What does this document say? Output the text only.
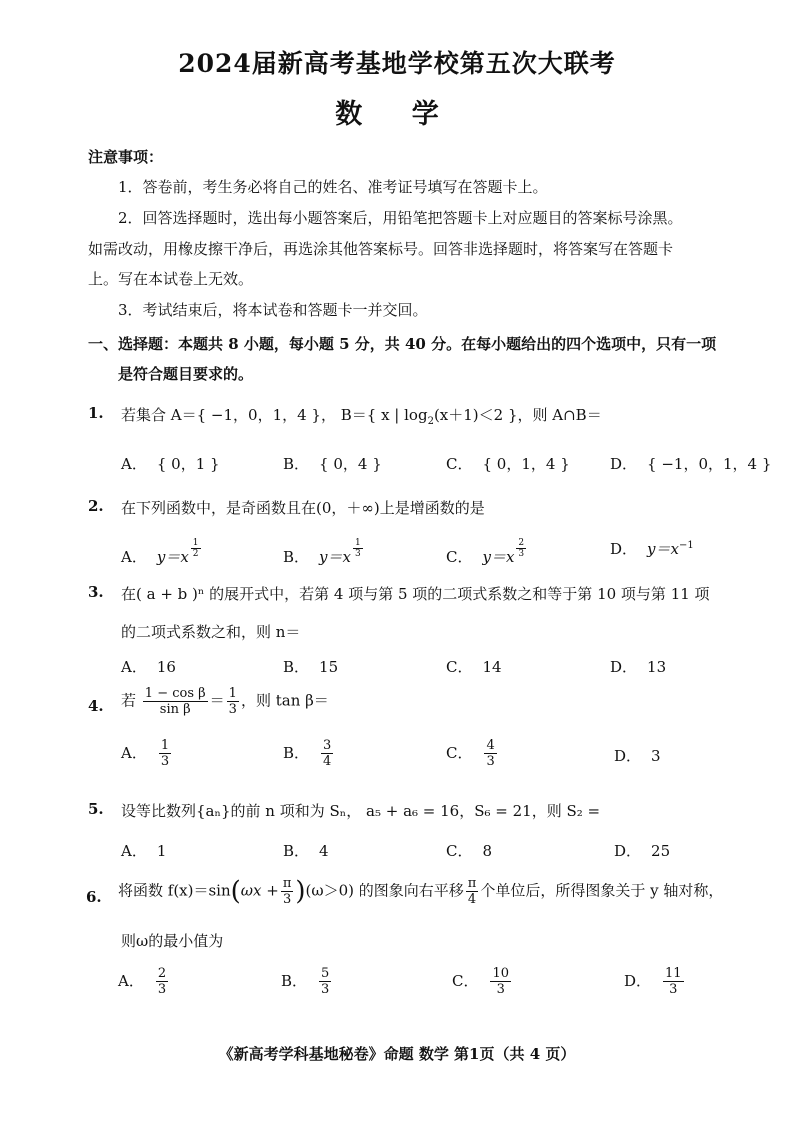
2024届新高考基地学校第五次大联考
数 学
注意事项：
1．答卷前，考生务必将自己的姓名、准考证号填写在答题卡上。
2．回答选择题时，选出每小题答案后，用铅笔把答题卡上对应题目的答案标号涂黑。
如需改动，用橡皮擦干净后，再选涂其他答案标号。回答非选择题时，将答案写在答题卡
上。写在本试卷上无效。
3．考试结束后，将本试卷和答题卡一并交回。
一、选择题：本题共 8 小题，每小题 5 分，共 40 分。在每小题给出的四个选项中，只有一项
是符合题目要求的。
1. 若集合 A＝{ −1，0，1，4 }， B＝{ x | $\log_2(x+1)<2$ }，则 A∩B＝
A． { 0，1 }	B． { 0，4 }	C． { 0，1，4 }	D． { −1，0，1，4 }
2. 在下列函数中，是奇函数且在(0，＋∞)上是增函数的是
A． y＝x $^{\frac{1}{2}}$	B． y＝x $^{\frac{1}{3}}$	C． y＝x $^{\frac{2}{3}}$	D． $y=x^{-1}$
3. 在( a + b )ⁿ 的展开式中，若第 4 项与第 5 项的二项式系数之和等于第 10 项与第 11 项
的二项式系数之和，则 n＝
A． 16	B． 15	C． 14	D． 13
4. 若 $\frac{\text{1 − cos β}}{\text{sin β}} = \frac{1}{3}$ ，则 tan β＝
A． $\frac{1}{3}$	B． $\frac{3}{4}$	C． $\frac{4}{3}$	D． 3
5. 设等比数列{aₙ}的前 n 项和为 Sₙ， a₅ + a₆ = 16，S₆ = 21，则 S₂ =
A． 1	B． 4	C． 8	D． 25
6. 将函数 $f(x)=\sin(\omega x + \frac{\pi}{3} )(\omega>0)$ 的图象向右平移 $\frac{\pi}{4}$ 个单位后，所得图象关于 y 轴对称，
则ω的最小值为
A． $\frac{2}{3}$	B． $\frac{5}{3}$	C． $\frac{10}{3}$	D． $\frac{11}{3}$
《新高考学科基地秘卷》命题 数学 第1页（共 4 页）
